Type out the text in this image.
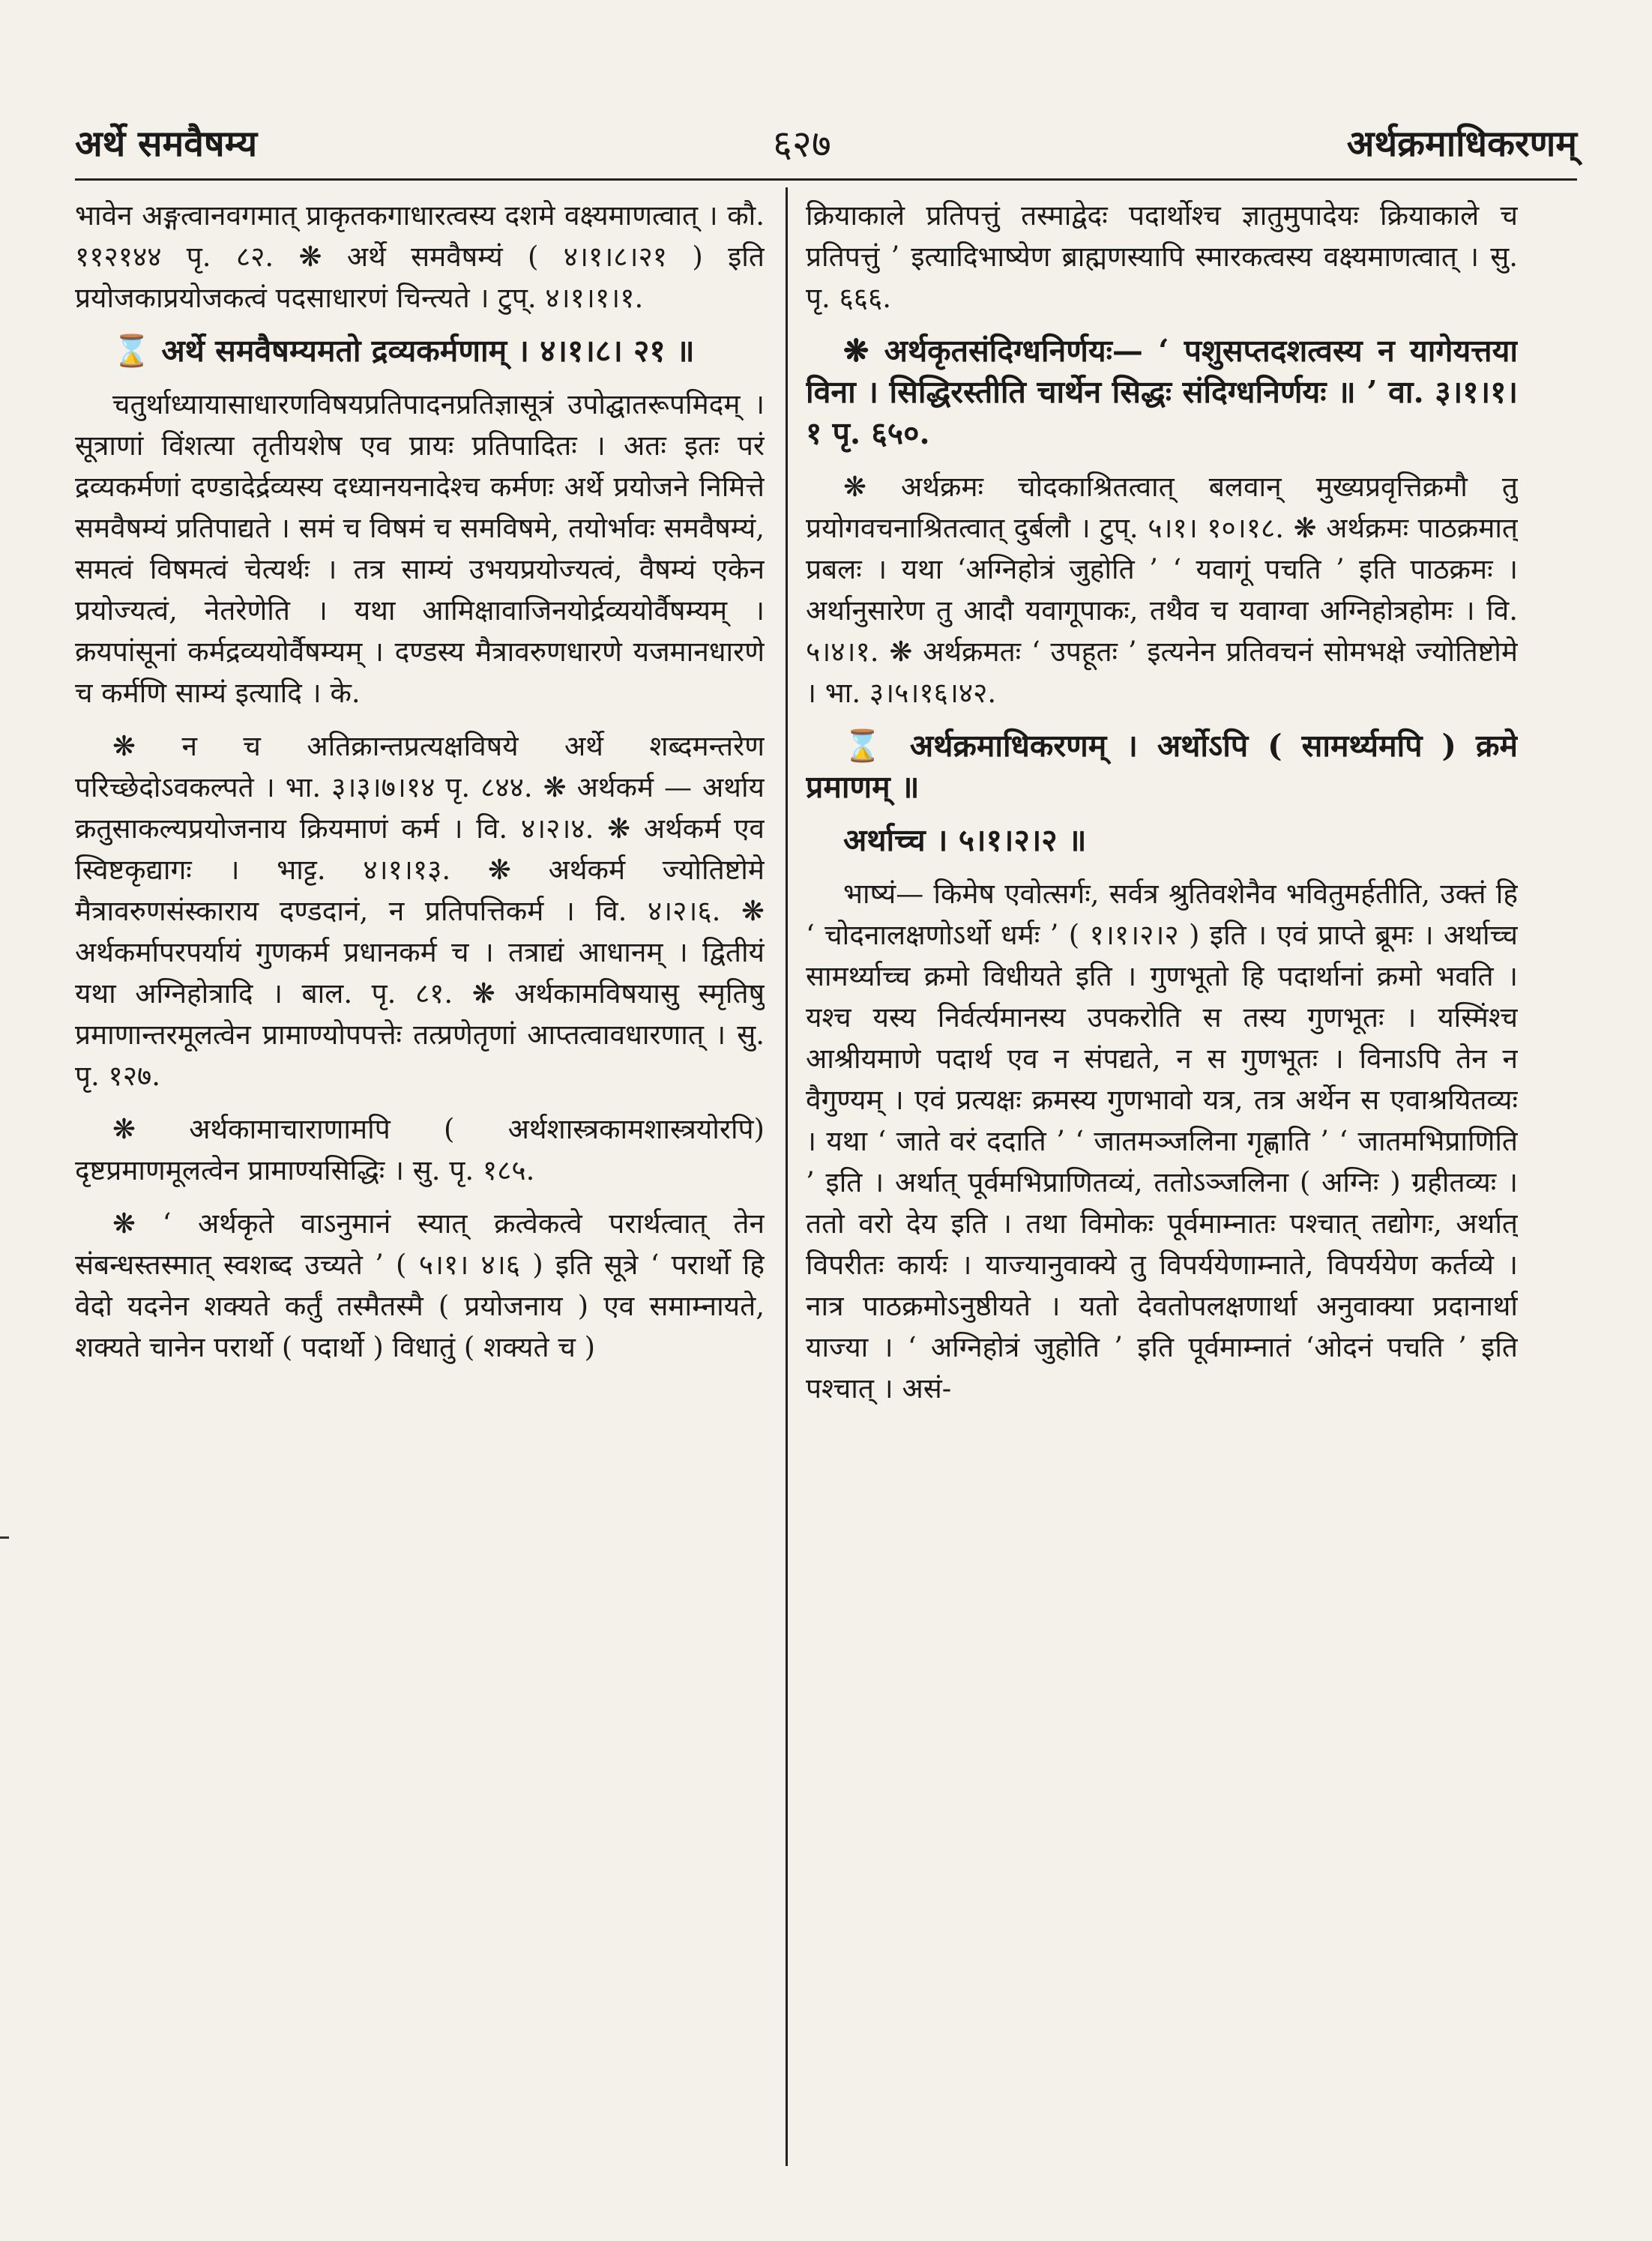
अर्थे समवैषम्य	६२७	अर्थक्रमाधिकरणम्

भावेन अङ्गत्वानवगमात् प्राकृतकगाधारत्वस्य दशमे वक्ष्यमाणत्वात् । कौ. ११२१४४ पृ. ८२. ❋ अर्थे समवैषम्यं ( ४।१।८।२१ ) इति प्रयोजकाप्रयोजकत्वं पदसाधारणं चिन्त्यते । टुप्. ४।१।१।१.

⌛ अर्थे समवैषम्यमतो द्रव्यकर्मणाम् । ४।१।८। २१ ॥

चतुर्थाध्यायासाधारणविषयप्रतिपादनप्रतिज्ञासूत्रं उपोद्घातरूपमिदम् । सूत्राणां विंशत्या तृतीयशेष एव प्रायः प्रतिपादितः । अतः इतः परं द्रव्यकर्मणां दण्डादेर्द्रव्यस्य दध्यानयनादेश्च कर्मणः अर्थे प्रयोजने निमित्ते समवैषम्यं प्रतिपाद्यते । समं च विषमं च समविषमे, तयोर्भावः समवैषम्यं, समत्वं विषमत्वं चेत्यर्थः । तत्र साम्यं उभयप्रयोज्यत्वं, वैषम्यं एकेन प्रयोज्यत्वं, नेतरेणेति । यथा आमिक्षावाजिनयोर्द्रव्ययोर्वैषम्यम् । क्रयपांसूनां कर्मद्रव्ययोर्वैषम्यम् । दण्डस्य मैत्रावरुणधारणे यजमानधारणे च कर्मणि साम्यं इत्यादि । के.

❋ न च अतिक्रान्तप्रत्यक्षविषये अर्थे शब्दमन्तरेण परिच्छेदोऽवकल्पते । भा. ३।३।७।१४ पृ. ८४४. ❋ अर्थकर्म — अर्थाय क्रतुसाकल्यप्रयोजनाय क्रियमाणं कर्म । वि. ४।२।४. ❋ अर्थकर्म एव स्विष्टकृद्यागः । भाट्ट. ४।१।१३. ❋ अर्थकर्म ज्योतिष्टोमे मैत्रावरुणसंस्काराय दण्डदानं, न प्रतिपत्तिकर्म । वि. ४।२।६. ❋ अर्थकर्मापरपर्यायं गुणकर्म प्रधानकर्म च । तत्राद्यं आधानम् । द्वितीयं यथा अग्निहोत्रादि । बाल. पृ. ८१. ❋ अर्थकामविषयासु स्मृतिषु प्रमाणान्तरमूलत्वेन प्रामाण्योपपत्तेः तत्प्रणेतृणां आप्तत्वावधारणात् । सु. पृ. १२७.

❋ अर्थकामाचाराणामपि ( अर्थशास्त्रकामशास्त्रयोरपि) दृष्टप्रमाणमूलत्वेन प्रामाण्यसिद्धिः । सु. पृ. १८५.

❋ ‘ अर्थकृते वाऽनुमानं स्यात् क्रत्वेकत्वे परार्थत्वात् तेन संबन्धस्तस्मात् स्वशब्द उच्यते ’ ( ५।१। ४।६ ) इति सूत्रे ‘ परार्थो हि वेदो यदनेन शक्यते कर्तुं तस्मैतस्मै ( प्रयोजनाय ) एव समाम्नायते, शक्यते चानेन परार्थो ( पदार्थो ) विधातुं ( शक्यते च )

क्रियाकाले प्रतिपत्तुं तस्माद्वेदः पदार्थोश्च ज्ञातुमुपादेयः क्रियाकाले च प्रतिपत्तुं ’ इत्यादिभाष्येण ब्राह्मणस्यापि स्मारकत्वस्य वक्ष्यमाणत्वात् । सु. पृ. ६६६.

❋ अर्थकृतसंदिग्धनिर्णयः— ‘ पशुसप्तदशत्वस्य न यागेयत्तया विना । सिद्धिरस्तीति चार्थेन सिद्धः संदिग्धनिर्णयः ॥ ’ वा. ३।१।१।१ पृ. ६५०.

❋ अर्थक्रमः चोदकाश्रितत्वात् बलवान् मुख्यप्रवृत्तिक्रमौ तु प्रयोगवचनाश्रितत्वात् दुर्बलौ । टुप्. ५।१। १०।१८. ❋ अर्थक्रमः पाठक्रमात् प्रबलः । यथा ‘अग्निहोत्रं जुहोति ’ ‘ यवागूं पचति ’ इति पाठक्रमः । अर्थानुसारेण तु आदौ यवागूपाकः, तथैव च यवाग्वा अग्निहोत्रहोमः । वि. ५।४।१. ❋ अर्थक्रमतः ‘ उपहूतः ’ इत्यनेन प्रतिवचनं सोमभक्षे ज्योतिष्टोमे । भा. ३।५।१६।४२.

⌛ अर्थक्रमाधिकरणम् । अर्थोऽपि ( सामर्थ्यमपि ) क्रमे प्रमाणम् ॥

अर्थाच्च । ५।१।२।२ ॥

भाष्यं— किमेष एवोत्सर्गः, सर्वत्र श्रुतिवशेनैव भवितुमर्हतीति, उक्तं हि ‘ चोदनालक्षणोऽर्थो धर्मः ’ ( १।१।२।२ ) इति । एवं प्राप्ते ब्रूमः । अर्थाच्च सामर्थ्याच्च क्रमो विधीयते इति । गुणभूतो हि पदार्थानां क्रमो भवति । यश्च यस्य निर्वर्त्यमानस्य उपकरोति स तस्य गुणभूतः । यस्मिंश्च आश्रीयमाणे पदार्थ एव न संपद्यते, न स गुणभूतः । विनाऽपि तेन न वैगुण्यम् । एवं प्रत्यक्षः क्रमस्य गुणभावो यत्र, तत्र अर्थेन स एवाश्रयितव्यः । यथा ‘ जाते वरं ददाति ’ ‘ जातमञ्जलिना गृह्णाति ’ ‘ जातमभिप्राणिति ’ इति । अर्थात् पूर्वमभिप्राणितव्यं, ततोऽञ्जलिना ( अग्निः ) ग्रहीतव्यः । ततो वरो देय इति । तथा विमोकः पूर्वमाम्नातः पश्चात् तद्योगः, अर्थात् विपरीतः कार्यः । याज्यानुवाक्ये तु विपर्ययेणाम्नाते, विपर्ययेण कर्तव्ये । नात्र पाठक्रमोऽनुष्ठीयते । यतो देवतोपलक्षणार्था अनुवाक्या प्रदानार्था याज्या । ‘ अग्निहोत्रं जुहोति ’ इति पूर्वमाम्नातं ‘ओदनं पचति ’ इति पश्चात् । असं-
